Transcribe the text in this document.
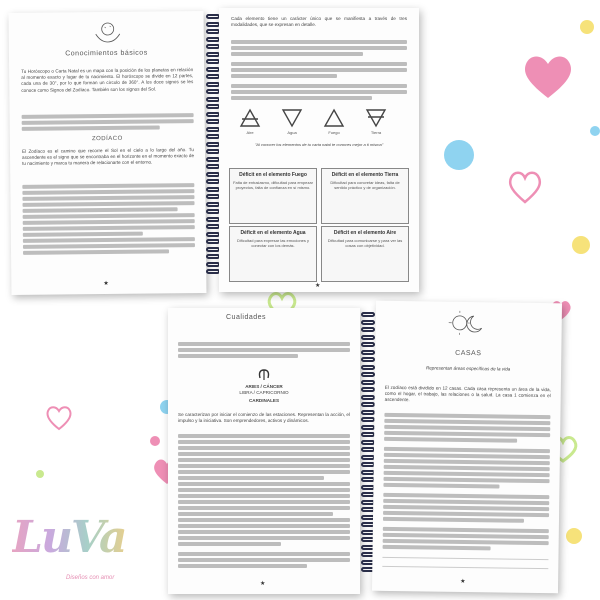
Conocimientos básicos
Tu Horóscopo o Carta Natal es un mapa con la posición de los planetas en relación al momento exacto y lugar de tu nacimiento. El horóscopo se divide en 12 partes, cada una de 30°, por lo que forman un círculo de 360°. A los doce signos se les conoce como Signos del Zodíaco. También son los signos del Sol.
ZODÍACO
El Zodíaco es el camino que recorre el Sol en el cielo a lo largo del año. Tu ascendente es el signo que se encontraba en el horizonte en el momento exacto de tu nacimiento y marca tu manera de relacionarte con el entorno.
★
Cada elemento tiene un carácter único que se manifiesta a través de tres modalidades, que se expresan en detalle.
Aire	Agua	Fuego	Tierra
"Al conocer los elementos de tu carta natal te conoces mejor a ti misma"
Déficit en el elemento Fuego
Falta de entusiasmo, dificultad para empezar proyectos, falta de confianza en sí mismo.
Déficit en el elemento Tierra
Dificultad para concretar ideas, falta de sentido práctico y de organización.
Déficit en el elemento Agua
Dificultad para expresar las emociones y conectar con los demás.
Déficit en el elemento Aire
Dificultad para comunicarse y para ver las cosas con objetividad.
★
Cualidades
ARIES / CÁNCER
LIBRA / CAPRICORNIO
CARDINALES
Se caracterizan por iniciar el comienzo de las estaciones. Representan la acción, el impulso y la iniciativa. Son emprendedores, activos y dinámicos.
★
CASAS
Representan áreas específicas de la vida
El zodíaco está dividido en 12 casas. Cada casa representa un área de la vida, como el hogar, el trabajo, las relaciones o la salud. La casa 1 comienza en el ascendente.
★
LuVa
Diseños con amor
